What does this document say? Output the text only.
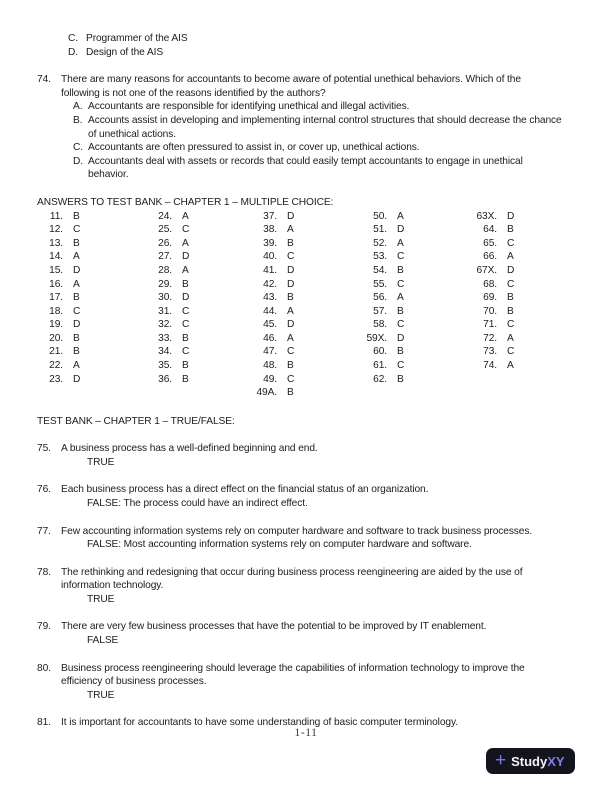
C. Programmer of the AIS
D. Design of the AIS
74. There are many reasons for accountants to become aware of potential unethical behaviors. Which of the
following is not one of the reasons identified by the authors?
A. Accountants are responsible for identifying unethical and illegal activities.
B. Accounts assist in developing and implementing internal control structures that should decrease the chance
of unethical actions.
C. Accountants are often pressured to assist in, or cover up, unethical actions.
D. Accountants deal with assets or records that could easily tempt accountants to engage in unethical
behavior.
ANSWERS TO TEST BANK – CHAPTER 1 – MULTIPLE CHOICE:
11. B
12. C
13. B
14. A
15. D
16. A
17. B
18. C
19. D
20. B
21. B
22. A
23. D
24. A
25. C
26. A
27. D
28. A
29. B
30. D
31. C
32. C
33. B
34. C
35. B
36. B
37. D
38. A
39. B
40. C
41. D
42. D
43. B
44. A
45. D
46. A
47. C
48. B
49. C
49A. B
50. A
51. D
52. A
53. C
54. B
55. C
56. A
57. B
58. C
59X. D
60. B
61. C
62. B
63X. D
64. B
65. C
66. A
67X. D
68. C
69. B
70. B
71. C
72. A
73. C
74. A
TEST BANK – CHAPTER 1 – TRUE/FALSE:
75. A business process has a well-defined beginning and end.
TRUE
76. Each business process has a direct effect on the financial status of an organization.
FALSE: The process could have an indirect effect.
77. Few accounting information systems rely on computer hardware and software to track business processes.
FALSE: Most accounting information systems rely on computer hardware and software.
78. The rethinking and redesigning that occur during business process reengineering are aided by the use of
information technology.
TRUE
79. There are very few business processes that have the potential to be improved by IT enablement.
FALSE
80. Business process reengineering should leverage the capabilities of information technology to improve the
efficiency of business processes.
TRUE
81. It is important for accountants to have some understanding of basic computer terminology.
1-11
+ StudyXY
